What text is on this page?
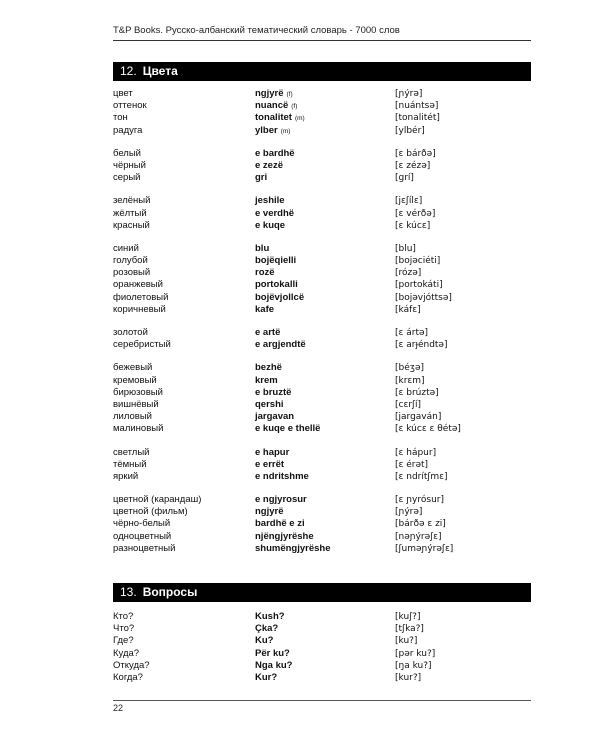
T&P Books. Русско-албанский тематический словарь - 7000 слов
12. Цвета
цвет	ngjyrë (f)	[ɲýrə]
оттенок	nuancë (f)	[nuántsə]
тон	tonalitet (m)	[tonalitét]
радуга	ylber (m)	[ylbér]
белый	e bardhë	[ɛ bárðə]
чёрный	e zezë	[ɛ zézə]
серый	gri	[grí]
зелёный	jeshile	[jɛʃílɛ]
жёлтый	e verdhë	[ɛ vérðə]
красный	e kuqe	[ɛ kúcɛ]
синий	blu	[blu]
голубой	bojëqielli	[bojəciéti]
розовый	rozë	[rózə]
оранжевый	portokalli	[portokáti]
фиолетовый	bojëvjollcë	[bojəvjóttsə]
коричневый	kafe	[káfɛ]
золотой	e artë	[ɛ ártə]
серебристый	e argjendtë	[ɛ arɟéndtə]
бежевый	bezhë	[béʒə]
кремовый	krem	[krɛm]
бирюзовый	e bruztë	[ɛ brúztə]
вишнёвый	qershi	[cɛrʃí]
лиловый	jargavan	[jargaván]
малиновый	e kuqe e thellë	[ɛ kúcɛ ɛ θétə]
светлый	e hapur	[ɛ hápur]
тёмный	e errët	[ɛ érət]
яркий	e ndritshme	[ɛ ndrítʃmɛ]
цветной (карандаш)	e ngjyrosur	[ɛ ɲyrósur]
цветной (фильм)	ngjyrë	[ɲýrə]
чёрно-белый	bardhë e zi	[bárðə ɛ zi]
одноцветный	njëngjyrëshe	[nəɲýrəʃɛ]
разноцветный	shumëngjyrëshe	[ʃuməɲýrəʃɛ]
13. Вопросы
Кто?	Kush?	[kuʃ?]
Что?	Çka?	[tʃka?]
Где?	Ku?	[ku?]
Куда?	Për ku?	[pər ku?]
Откуда?	Nga ku?	[ŋa ku?]
Когда?	Kur?	[kur?]
22
